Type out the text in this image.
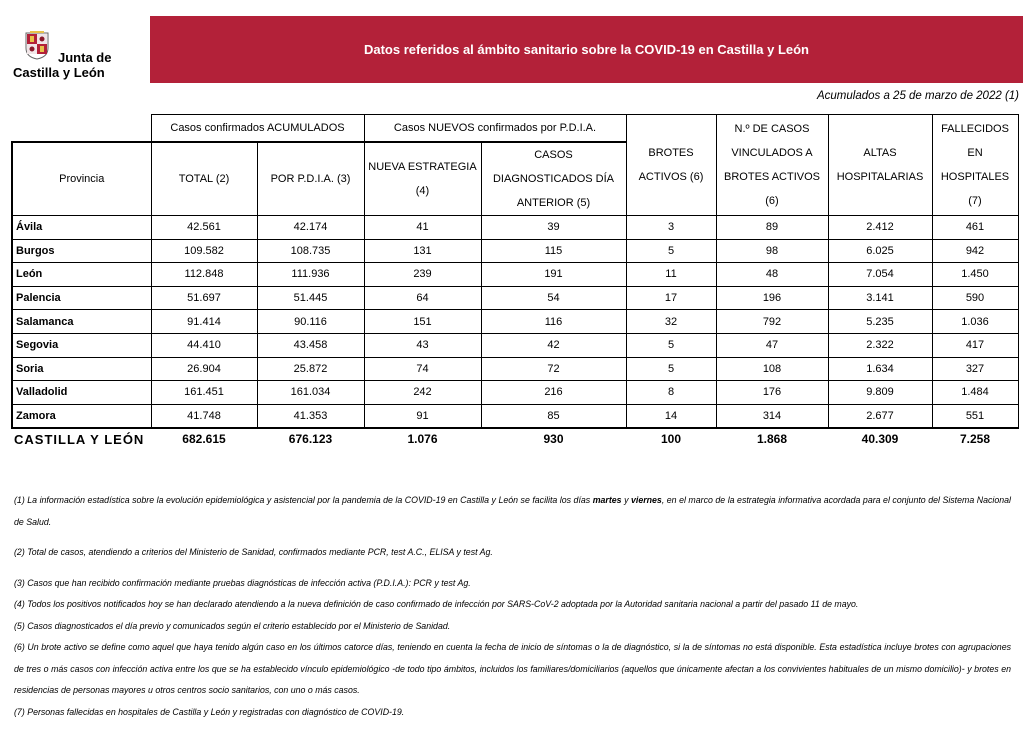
Junta de
Castilla y León
Datos referidos al ámbito sanitario sobre la COVID-19 en Castilla y León
Acumulados a 25 de marzo de 2022 (1)
	Casos confirmados ACUMULADOS		Casos NUEVOS confirmados por P.D.I.A.		BROTES ACTIVOS (6)	N.º DE CASOS VINCULADOS A BROTES ACTIVOS (6)	ALTAS HOSPITALARIAS	FALLECIDOS EN HOSPITALES (7)
Provincia	TOTAL (2)	POR P.D.I.A. (3)	NUEVA ESTRATEGIA (4)	CASOS DIAGNOSTICADOS DÍA ANTERIOR (5)				
Ávila	42.561	42.174	41	39	3	89	2.412	461
Burgos	109.582	108.735	131	115	5	98	6.025	942
León	112.848	111.936	239	191	11	48	7.054	1.450
Palencia	51.697	51.445	64	54	17	196	3.141	590
Salamanca	91.414	90.116	151	116	32	792	5.235	1.036
Segovia	44.410	43.458	43	42	5	47	2.322	417
Soria	26.904	25.872	74	72	5	108	1.634	327
Valladolid	161.451	161.034	242	216	8	176	9.809	1.484
Zamora	41.748	41.353	91	85	14	314	2.677	551
CASTILLA Y LEÓN	682.615	676.123	1.076	930	100	1.868	40.309	7.258

(1) La información estadística sobre la evolución epidemiológica y asistencial por la pandemia de la COVID-19 en Castilla y León se facilita los días martes y viernes, en el marco de la estrategia informativa acordada para el conjunto del Sistema Nacional de Salud.

(2) Total de casos, atendiendo a criterios del Ministerio de Sanidad, confirmados mediante PCR, test A.C., ELISA y test Ag.

(3) Casos que han recibido confirmación mediante pruebas diagnósticas de infección activa (P.D.I.A.): PCR y test Ag.

(4) Todos los positivos notificados hoy se han declarado atendiendo a la nueva definición de caso confirmado de infección por SARS-CoV-2 adoptada por la Autoridad sanitaria nacional a partir del pasado 11 de mayo.

(5) Casos diagnosticados el día previo y comunicados según el criterio establecido por el Ministerio de Sanidad.

(6) Un brote activo se define como aquel que haya tenido algún caso en los últimos catorce días, teniendo en cuenta la fecha de inicio de síntomas o la de diagnóstico, si la de síntomas no está disponible. Esta estadística incluye brotes con agrupaciones de tres o más casos con infección activa entre los que se ha establecido vínculo epidemiológico -de todo tipo ámbitos, incluidos los familiares/domiciliarios (aquellos que únicamente afectan a los convivientes habituales de un mismo domicilio)- y brotes en residencias de personas mayores u otros centros socio sanitarios, con uno o más casos.

(7) Personas fallecidas en hospitales de Castilla y León y registradas con diagnóstico de COVID-19.
